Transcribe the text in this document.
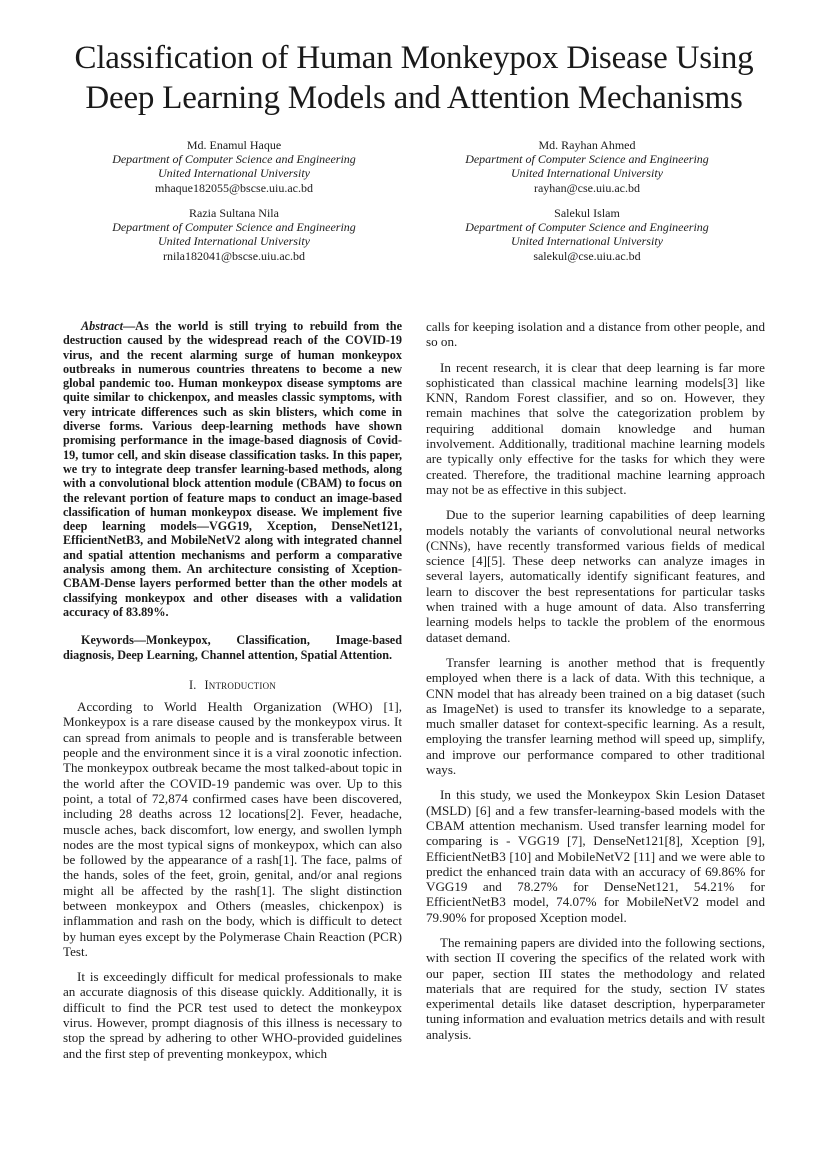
Classification of Human Monkeypox Disease Using Deep Learning Models and Attention Mechanisms
Md. Enamul Haque
Department of Computer Science and Engineering
United International University
mhaque182055@bscse.uiu.ac.bd
Md. Rayhan Ahmed
Department of Computer Science and Engineering
United International University
rayhan@cse.uiu.ac.bd
Razia Sultana Nila
Department of Computer Science and Engineering
United International University
rnila182041@bscse.uiu.ac.bd
Salekul Islam
Department of Computer Science and Engineering
United International University
salekul@cse.uiu.ac.bd

Abstract—As the world is still trying to rebuild from the destruction caused by the widespread reach of the COVID-19 virus, and the recent alarming surge of human monkeypox outbreaks in numerous countries threatens to become a new global pandemic too. Human monkeypox disease symptoms are quite similar to chickenpox, and measles classic symptoms, with very intricate differences such as skin blisters, which come in diverse forms. Various deep-learning methods have shown promising performance in the image-based diagnosis of Covid-19, tumor cell, and skin disease classification tasks. In this paper, we try to integrate deep transfer learning-based methods, along with a convolutional block attention module (CBAM) to focus on the relevant portion of feature maps to conduct an image-based classification of human monkeypox disease. We implement five deep learning models—VGG19, Xception, DenseNet121, EfficientNetB3, and MobileNetV2 along with integrated channel and spatial attention mechanisms and perform a comparative analysis among them. An architecture consisting of Xception-CBAM-Dense layers performed better than the other models at classifying monkeypox and other diseases with a validation accuracy of 83.89%.

Keywords—Monkeypox, Classification, Image-based diagnosis, Deep Learning, Channel attention, Spatial Attention.

I. Introduction

According to World Health Organization (WHO) [1], Monkeypox is a rare disease caused by the monkeypox virus. It can spread from animals to people and is transferable between people and the environment since it is a viral zoonotic infection. The monkeypox outbreak became the most talked-about topic in the world after the COVID-19 pandemic was over. Up to this point, a total of 72,874 confirmed cases have been discovered, including 28 deaths across 12 locations[2]. Fever, headache, muscle aches, back discomfort, low energy, and swollen lymph nodes are the most typical signs of monkeypox, which can also be followed by the appearance of a rash[1]. The face, palms of the hands, soles of the feet, groin, genital, and/or anal regions might all be affected by the rash[1]. The slight distinction between monkeypox and Others (measles, chickenpox) is inflammation and rash on the body, which is difficult to detect by human eyes except by the Polymerase Chain Reaction (PCR) Test.

It is exceedingly difficult for medical professionals to make an accurate diagnosis of this disease quickly. Additionally, it is difficult to find the PCR test used to detect the monkeypox virus. However, prompt diagnosis of this illness is necessary to stop the spread by adhering to other WHO-provided guidelines and the first step of preventing monkeypox, which

calls for keeping isolation and a distance from other people, and so on.

In recent research, it is clear that deep learning is far more sophisticated than classical machine learning models[3] like KNN, Random Forest classifier, and so on. However, they remain machines that solve the categorization problem by requiring additional domain knowledge and human involvement. Additionally, traditional machine learning models are typically only effective for the tasks for which they were created. Therefore, the traditional machine learning approach may not be as effective in this subject.

Due to the superior learning capabilities of deep learning models notably the variants of convolutional neural networks (CNNs), have recently transformed various fields of medical science [4][5]. These deep networks can analyze images in several layers, automatically identify significant features, and learn to discover the best representations for particular tasks when trained with a huge amount of data. Also transferring learning models helps to tackle the problem of the enormous dataset demand.

Transfer learning is another method that is frequently employed when there is a lack of data. With this technique, a CNN model that has already been trained on a big dataset (such as ImageNet) is used to transfer its knowledge to a separate, much smaller dataset for context-specific learning. As a result, employing the transfer learning method will speed up, simplify, and improve our performance compared to other traditional ways.

In this study, we used the Monkeypox Skin Lesion Dataset (MSLD) [6] and a few transfer-learning-based models with the CBAM attention mechanism. Used transfer learning model for comparing is - VGG19 [7], DenseNet121[8], Xception [9], EfficientNetB3 [10] and MobileNetV2 [11] and we were able to predict the enhanced train data with an accuracy of 69.86% for VGG19 and 78.27% for DenseNet121, 54.21% for EfficientNetB3 model, 74.07% for MobileNetV2 model and 79.90% for proposed Xception model.

The remaining papers are divided into the following sections, with section II covering the specifics of the related work with our paper, section III states the methodology and related materials that are required for the study, section IV states experimental details like dataset description, hyperparameter tuning information and evaluation metrics details and with result analysis.
